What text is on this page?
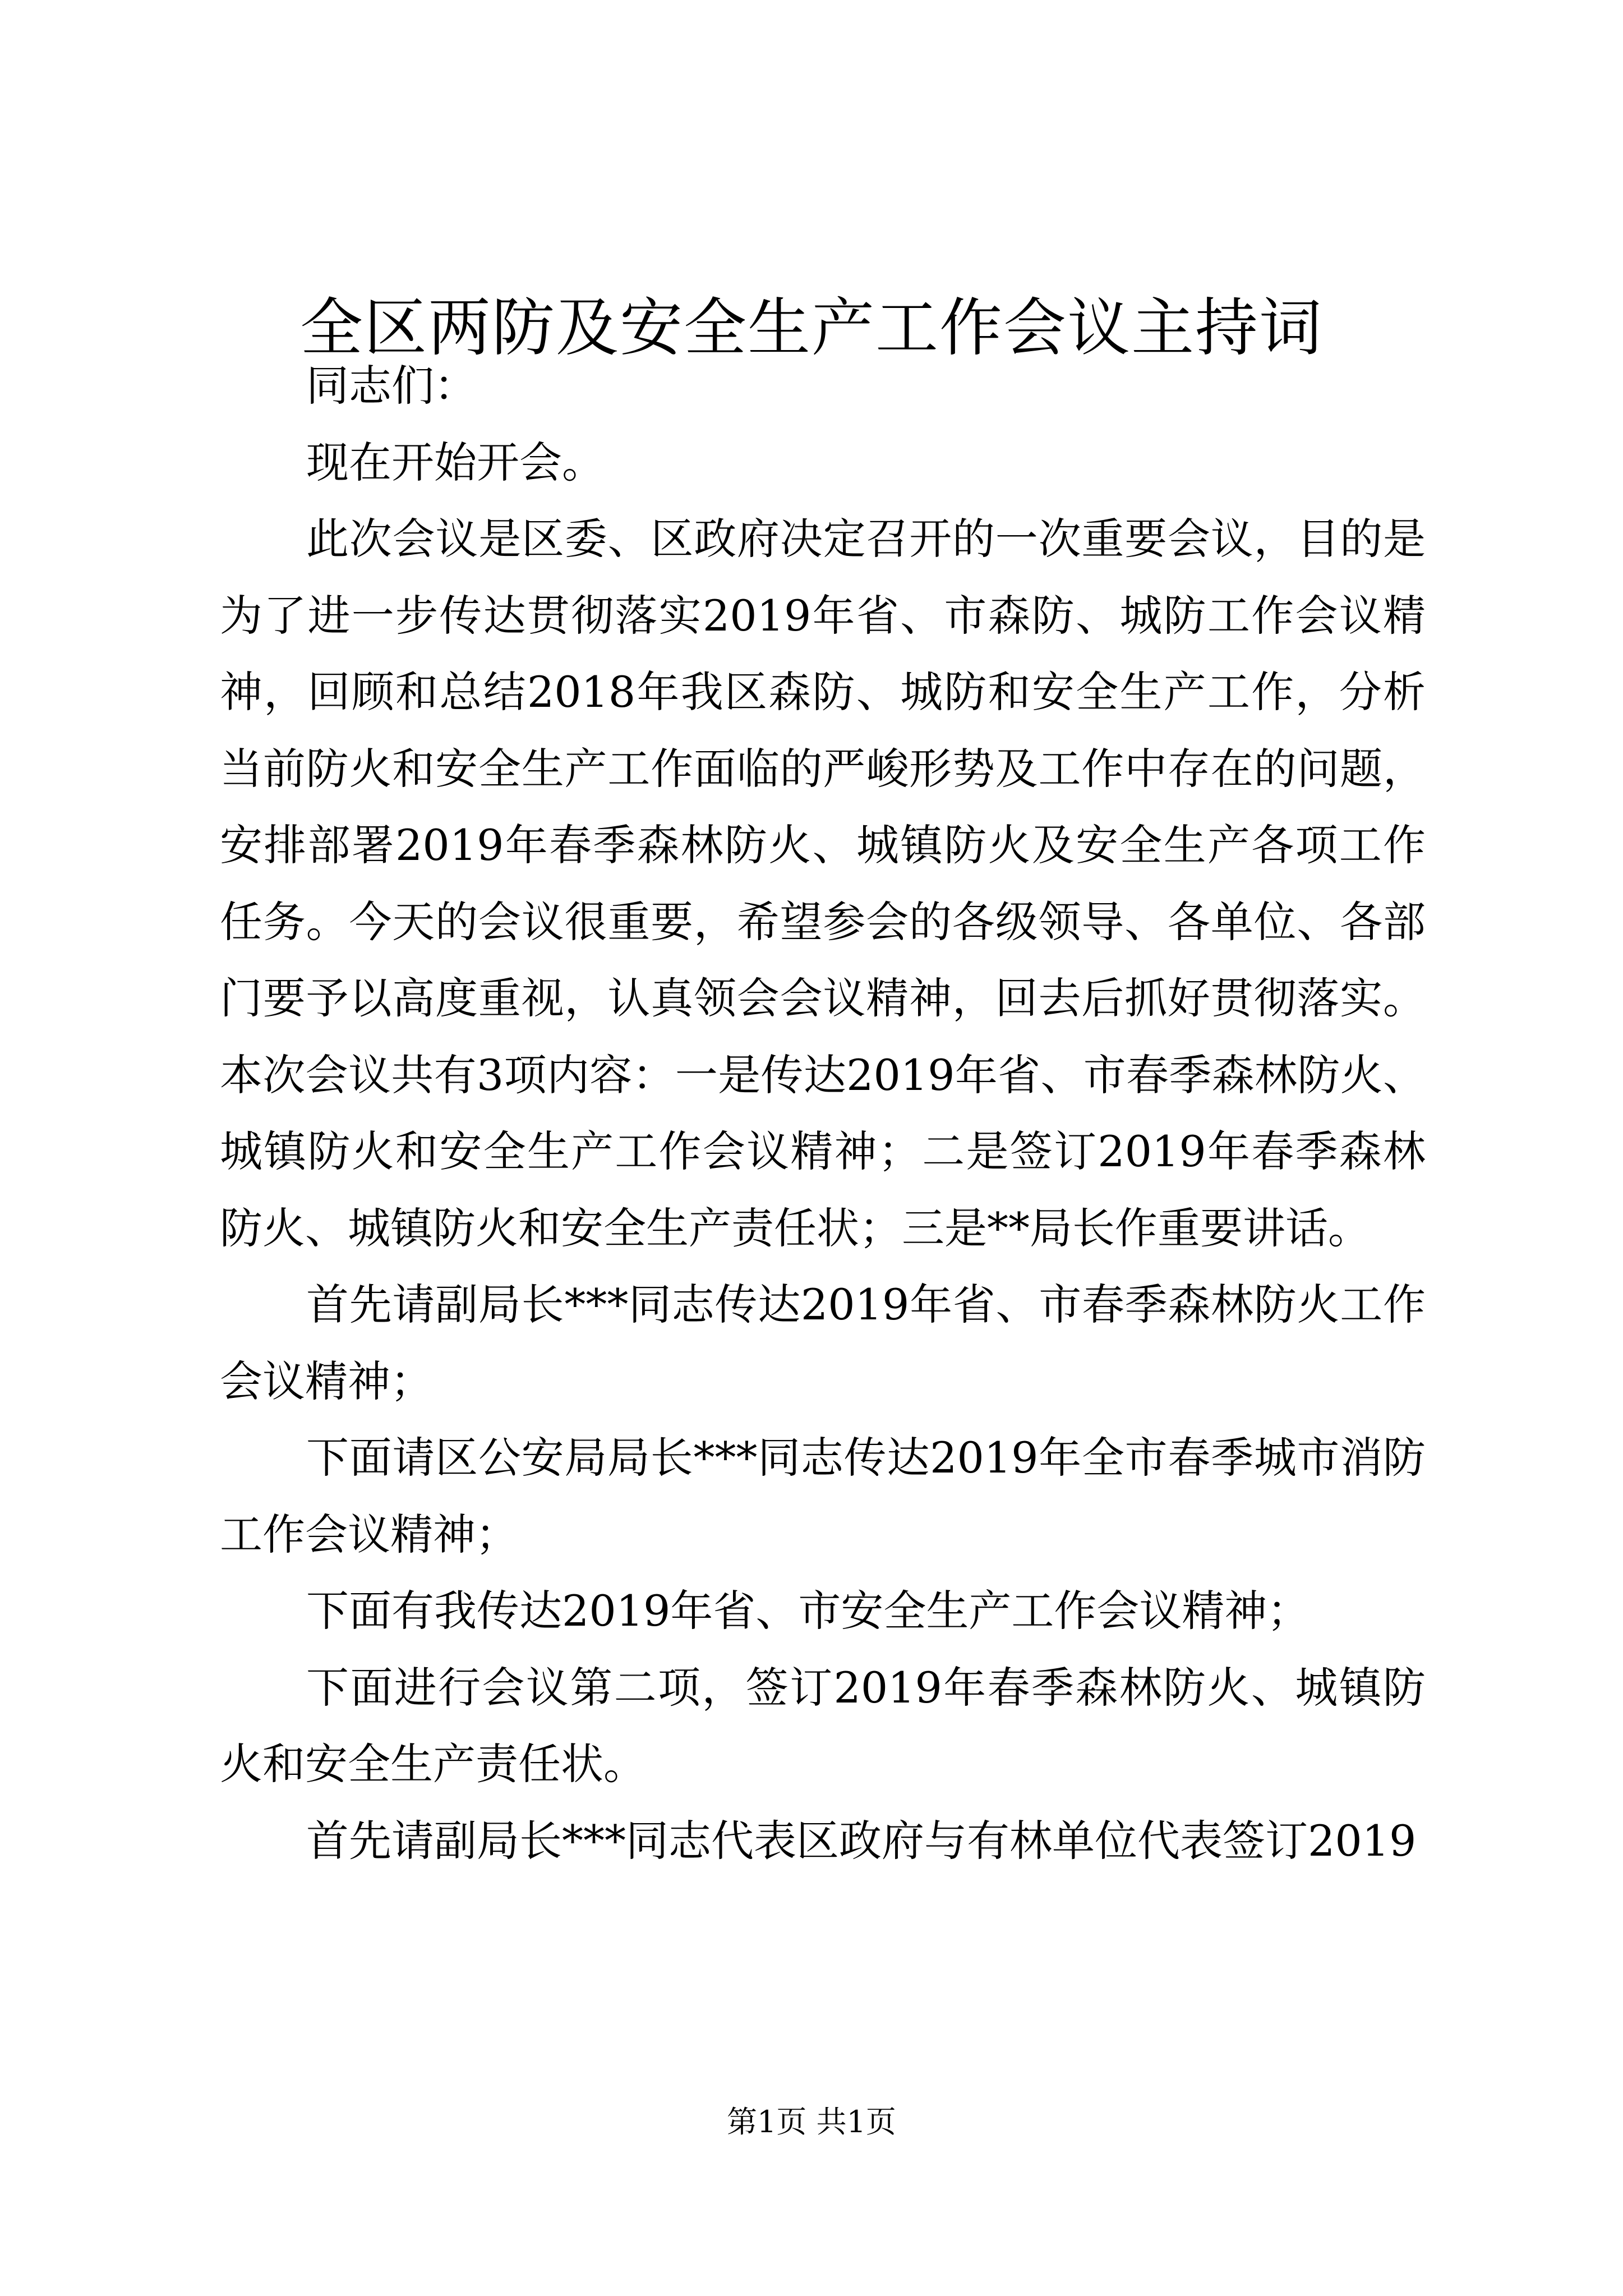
全区两防及安全生产工作会议主持词

同志们：

现在开始开会。

此次会议是区委、区政府决定召开的一次重要会议，目的是为了进一步传达贯彻落实2019年省、市森防、城防工作会议精神，回顾和总结2018年我区森防、城防和安全生产工作，分析当前防火和安全生产工作面临的严峻形势及工作中存在的问题，安排部署2019年春季森林防火、城镇防火及安全生产各项工作任务。今天的会议很重要，希望参会的各级领导、各单位、各部门要予以高度重视，认真领会会议精神，回去后抓好贯彻落实。本次会议共有3项内容：一是传达2019年省、市春季森林防火、城镇防火和安全生产工作会议精神；二是签订2019年春季森林防火、城镇防火和安全生产责任状；三是**局长作重要讲话。

首先请副局长***同志传达2019年省、市春季森林防火工作会议精神；

下面请区公安局局长***同志传达2019年全市春季城市消防工作会议精神；

下面有我传达2019年省、市安全生产工作会议精神；

下面进行会议第二项，签订2019年春季森林防火、城镇防火和安全生产责任状。

首先请副局长***同志代表区政府与有林单位代表签订2019

第1页 共1页
